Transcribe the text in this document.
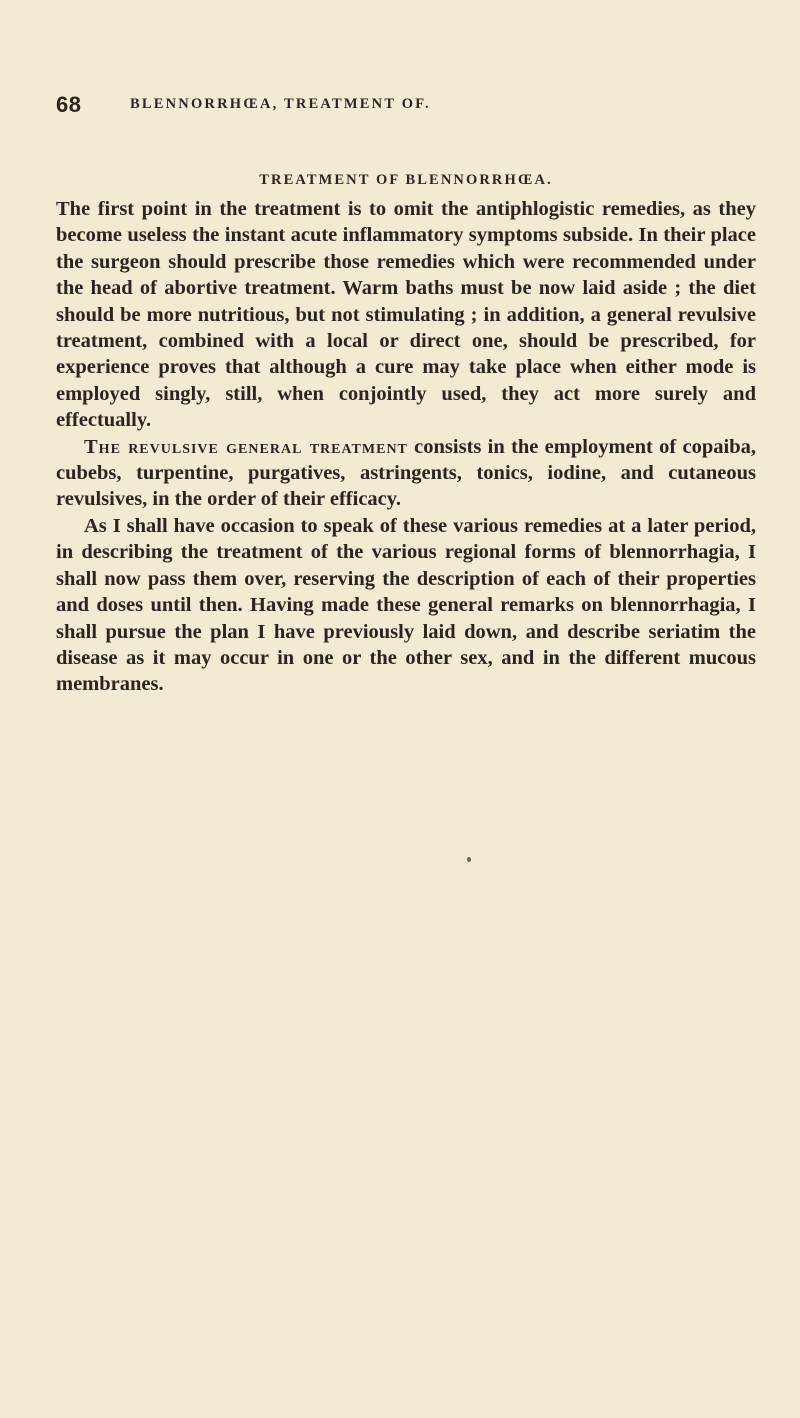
68	BLENNORRHŒA, TREATMENT OF.
TREATMENT OF BLENNORRHŒA.

The first point in the treatment is to omit the antiphlogistic remedies, as they become useless the instant acute inflammatory symptoms subside. In their place the surgeon should prescribe those remedies which were recommended under the head of abortive treatment. Warm baths must be now laid aside ; the diet should be more nutritious, but not stimulating ; in addition, a general revulsive treatment, combined with a local or direct one, should be prescribed, for experience proves that although a cure may take place when either mode is employed singly, still, when conjointly used, they act more surely and effectually.

The revulsive general treatment consists in the employment of copaiba, cubebs, turpentine, purgatives, astringents, tonics, iodine, and cutaneous revulsives, in the order of their efficacy.

As I shall have occasion to speak of these various remedies at a later period, in describing the treatment of the various regional forms of blennorrhagia, I shall now pass them over, reserving the description of each of their properties and doses until then. Having made these general remarks on blennorrhagia, I shall pursue the plan I have previously laid down, and describe seriatim the disease as it may occur in one or the other sex, and in the different mucous membranes.
